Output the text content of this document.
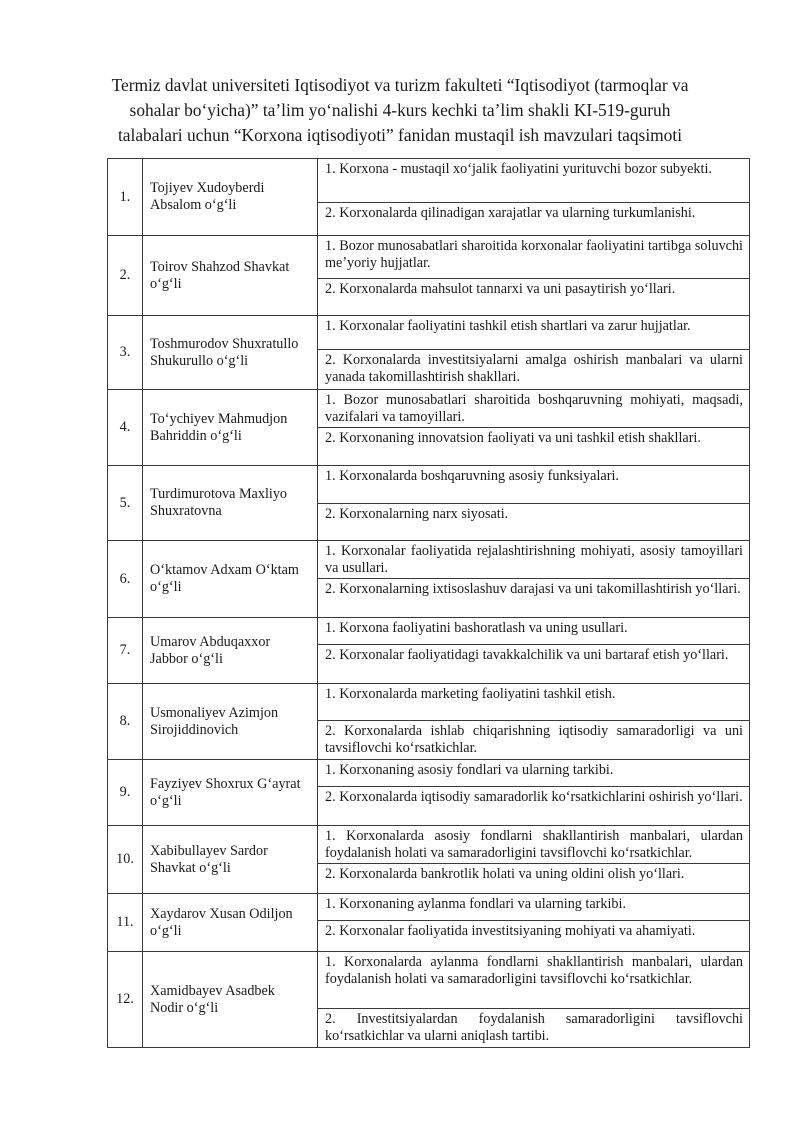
Termiz davlat universiteti Iqtisodiyot va turizm fakulteti “Iqtisodiyot (tarmoqlar va
sohalar boʻyicha)” taʼlim yoʻnalishi 4-kurs kechki taʼlim shakli KI-519-guruh
talabalari uchun “Korxona iqtisodiyoti” fanidan mustaqil ish mavzulari taqsimoti
1.	Tojiyev Xudoyberdi Absalom oʻgʻli	1. Korxona - mustaqil xoʻjalik faoliyatini yurituvchi bozor subyekti.

		2. Korxonalarda qilinadigan xarajatlar va ularning turkumlanishi.

2.	Toirov Shahzod Shavkat oʻgʻli	1. Bozor munosabatlari sharoitida korxonalar faoliyatini tartibga soluvchi meʼyoriy hujjatlar.

		2. Korxonalarda mahsulot tannarxi va uni pasaytirish yoʻllari.

3.	Toshmurodov Shuxratullo Shukurullo oʻgʻli	1. Korxonalar faoliyatini tashkil etish shartlari va zarur hujjatlar.

		2. Korxonalarda investitsiyalarni amalga oshirish manbalari va ularni yanada takomillashtirish shakllari.

4.	Toʻychiyev Mahmudjon Bahriddin oʻgʻli	1. Bozor munosabatlari sharoitida boshqaruvning mohiyati, maqsadi, vazifalari va tamoyillari.

		2. Korxonaning innovatsion faoliyati va uni tashkil etish shakllari.

5.	Turdimurotova Maxliyo Shuxratovna	1. Korxonalarda boshqaruvning asosiy funksiyalari.

		2. Korxonalarning narx siyosati.

6.	Oʻktamov Adxam Oʻktam oʻgʻli	1. Korxonalar faoliyatida rejalashtirishning mohiyati, asosiy tamoyillari va usullari.

		2. Korxonalarning ixtisoslashuv darajasi va uni takomillashtirish yoʻllari.

7.	Umarov Abduqaxxor Jabbor oʻgʻli	1. Korxona faoliyatini bashoratlash va uning usullari.

		2. Korxonalar faoliyatidagi tavakkalchilik va uni bartaraf etish yoʻllari.

8.	Usmonaliyev Azimjon Sirojiddinovich	1. Korxonalarda marketing faoliyatini tashkil etish.

		2. Korxonalarda ishlab chiqarishning iqtisodiy samaradorligi va uni tavsiflovchi koʻrsatkichlar.

9.	Fayziyev Shoxrux Gʻayrat oʻgʻli	1. Korxonaning asosiy fondlari va ularning tarkibi.

		2. Korxonalarda iqtisodiy samaradorlik koʻrsatkichlarini oshirish yoʻllari.

10.	Xabibullayev Sardor Shavkat oʻgʻli	1. Korxonalarda asosiy fondlarni shakllantirish manbalari, ulardan foydalanish holati va samaradorligini tavsiflovchi koʻrsatkichlar.

		2. Korxonalarda bankrotlik holati va uning oldini olish yoʻllari.

11.	Xaydarov Xusan Odiljon oʻgʻli	1. Korxonaning aylanma fondlari va ularning tarkibi.

		2. Korxonalar faoliyatida investitsiyaning mohiyati va ahamiyati.

12.	Xamidbayev Asadbek Nodir oʻgʻli	1. Korxonalarda aylanma fondlarni shakllantirish manbalari, ulardan foydalanish holati va samaradorligini tavsiflovchi koʻrsatkichlar.

		2. Investitsiyalardan foydalanish samaradorligini tavsiflovchi koʻrsatkichlar va ularni aniqlash tartibi.
